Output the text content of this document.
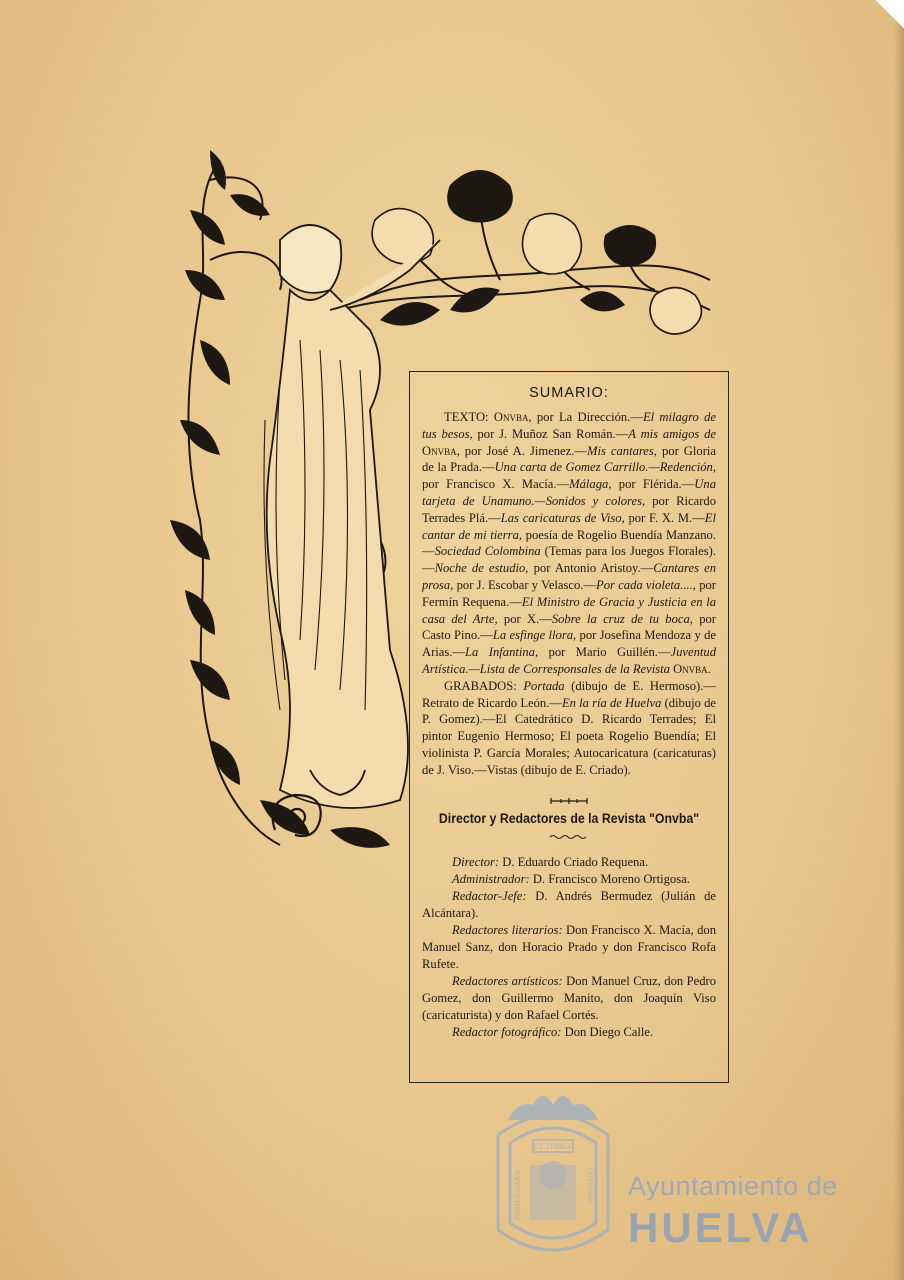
SUMARIO:

TEXTO: Onvba, por La Dirección.—El milagro de tus besos, por J. Muñoz San Román.—A mis amigos de Onvba, por José A. Jimenez.—Mis cantares, por Gloria de la Prada.—Una carta de Gomez Carrillo.—Redención, por Francisco X. Macía.—Málaga, por Flérida.—Una tarjeta de Unamuno.—Sonidos y colores, por Ricardo Terrades Plá.—Las caricaturas de Viso, por F. X. M.—El cantar de mi tierra, poesía de Rogelio Buendía Manzano.—Sociedad Colombina (Temas para los Juegos Florales).—Noche de estudio, por Antonio Aristoy.—Cantares en prosa, por J. Escobar y Velasco.—Por cada violeta...., por Fermín Requena.—El Ministro de Gracia y Justicia en la casa del Arte, por X.—Sobre la cruz de tu boca, por Casto Pino.—La esfinge llora, por Josefina Mendoza y de Arias.—La Infantina, por Mario Guillén.—Juventud Artística.—Lista de Corresponsales de la Revista Onvba.

GRABADOS: Portada (dibujo de E. Hermoso).—Retrato de Ricardo León.—En la ría de Huelva (dibujo de P. Gomez).—El Catedrático D. Ricardo Terrades; El pintor Eugenio Hermoso; El poeta Rogelio Buendía; El violinista P. García Morales; Autocaricatura (caricaturas) de J. Viso.—Vistas (dibujo de E. Criado).

Director y Redactores de la Revista "Onvba"

Director: D. Eduardo Criado Requena.

Administrador: D. Francisco Moreno Ortigosa.

Redactor-Jefe: D. Andrés Bermudez (Julián de Alcántara).

Redactores literarios: Don Francisco X. Macía, don Manuel Sanz, don Horacio Prado y don Francisco Rofa Rufete.

Redactores artísticos: Don Manuel Cruz, don Pedro Gomez, don Guillermo Manito, don Joaquín Viso (caricaturista) y don Rafael Cortés.

Redactor fotográfico: Don Diego Calle.

ET TERRÆ
PORTUS MARIS	CUSTODIA Ayuntamiento de
HUELVA
